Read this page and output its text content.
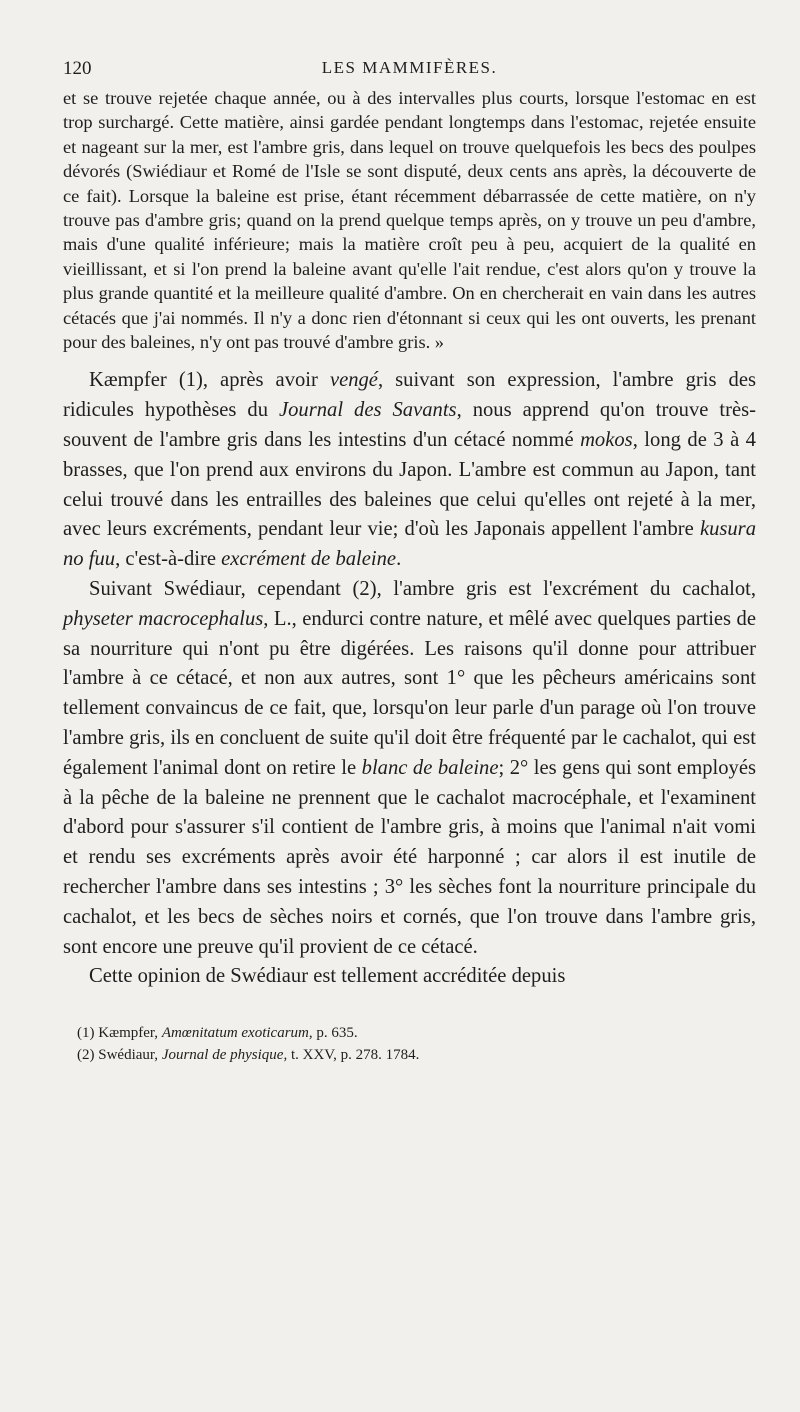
120	LES MAMMIFÈRES.

et se trouve rejetée chaque année, ou à des intervalles plus courts, lorsque l'estomac en est trop surchargé. Cette matière, ainsi gardée pendant longtemps dans l'estomac, rejetée ensuite et nageant sur la mer, est l'ambre gris, dans lequel on trouve quelquefois les becs des poulpes dévorés (Swiédiaur et Romé de l'Isle se sont disputé, deux cents ans après, la découverte de ce fait). Lorsque la baleine est prise, étant récemment débarrassée de cette matière, on n'y trouve pas d'ambre gris; quand on la prend quelque temps après, on y trouve un peu d'ambre, mais d'une qualité inférieure; mais la matière croît peu à peu, acquiert de la qualité en vieillissant, et si l'on prend la baleine avant qu'elle l'ait rendue, c'est alors qu'on y trouve la plus grande quantité et la meilleure qualité d'ambre. On en chercherait en vain dans les autres cétacés que j'ai nommés. Il n'y a donc rien d'étonnant si ceux qui les ont ouverts, les prenant pour des baleines, n'y ont pas trouvé d'ambre gris. »

Kæmpfer (1), après avoir vengé, suivant son expression, l'ambre gris des ridicules hypothèses du Journal des Savants, nous apprend qu'on trouve très-souvent de l'ambre gris dans les intestins d'un cétacé nommé mokos, long de 3 à 4 brasses, que l'on prend aux environs du Japon. L'ambre est commun au Japon, tant celui trouvé dans les entrailles des baleines que celui qu'elles ont rejeté à la mer, avec leurs excréments, pendant leur vie; d'où les Japonais appellent l'ambre kusura no fuu, c'est-à-dire excrément de baleine.

Suivant Swédiaur, cependant (2), l'ambre gris est l'excrément du cachalot, physeter macrocephalus, L., endurci contre nature, et mêlé avec quelques parties de sa nourriture qui n'ont pu être digérées. Les raisons qu'il donne pour attribuer l'ambre à ce cétacé, et non aux autres, sont 1° que les pêcheurs américains sont tellement convaincus de ce fait, que, lorsqu'on leur parle d'un parage où l'on trouve l'ambre gris, ils en concluent de suite qu'il doit être fréquenté par le cachalot, qui est également l'animal dont on retire le blanc de baleine; 2° les gens qui sont employés à la pêche de la baleine ne prennent que le cachalot macrocéphale, et l'examinent d'abord pour s'assurer s'il contient de l'ambre gris, à moins que l'animal n'ait vomi et rendu ses excréments après avoir été harponné ; car alors il est inutile de rechercher l'ambre dans ses intestins ; 3° les sèches font la nourriture principale du cachalot, et les becs de sèches noirs et cornés, que l'on trouve dans l'ambre gris, sont encore une preuve qu'il provient de ce cétacé.

Cette opinion de Swédiaur est tellement accréditée depuis

(1) Kæmpfer, Amœnitatum exoticarum, p. 635.

(2) Swédiaur, Journal de physique, t. XXV, p. 278. 1784.
